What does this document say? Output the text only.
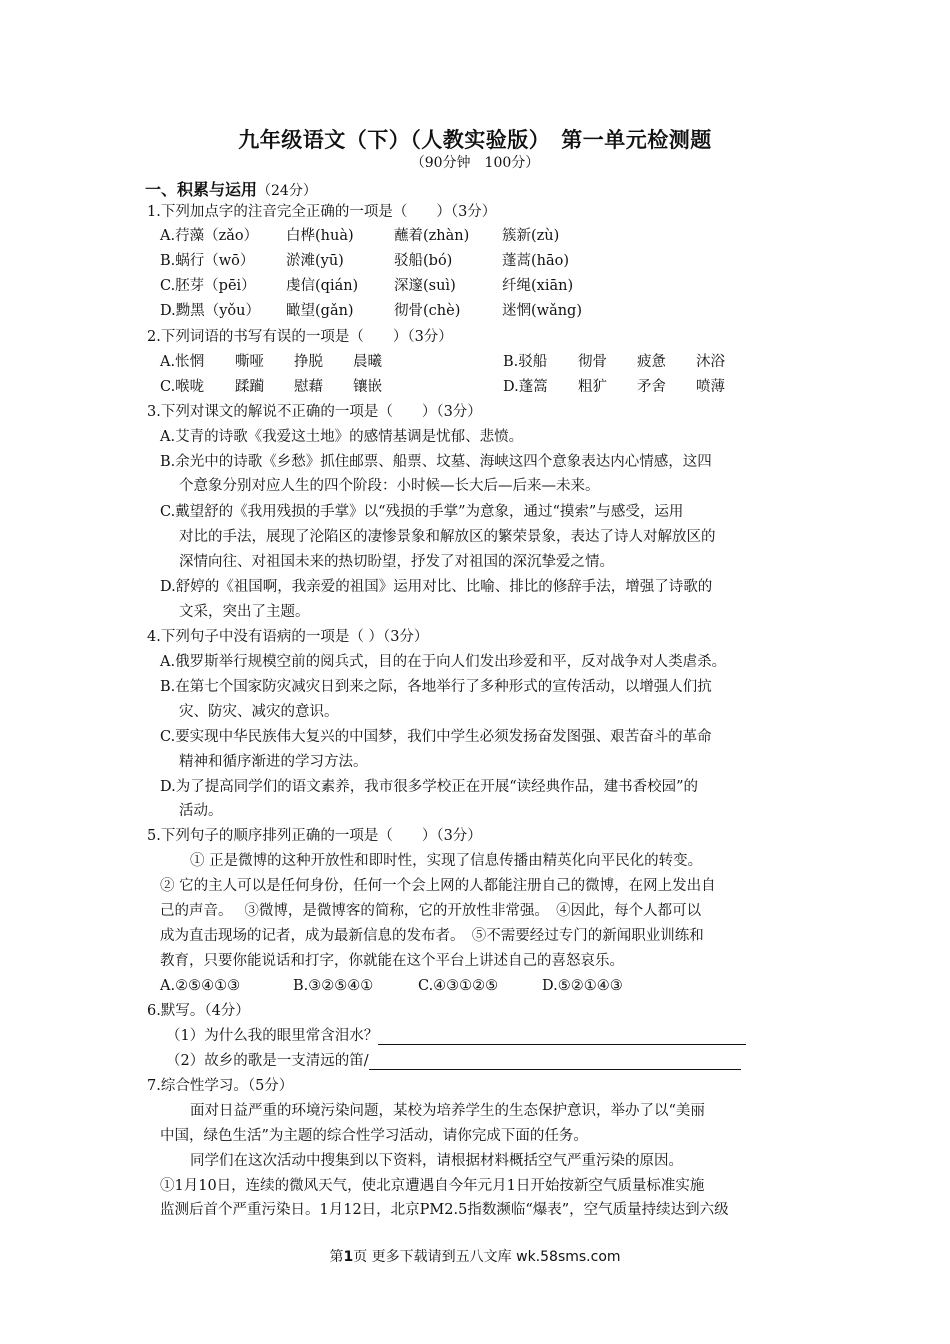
九年级语文（下）（人教实验版）　第一单元检测题
（90分钟　100分）
一、积累与运用（24分）
1.下列加点字的注音完全正确的一项是（　　）（3分）
A.荇藻（zǎo） 白桦(huà)	蘸着(zhàn) 簇新(zù)
B.蜗行（wō） 淤滩(yū)	驳船(bó)	蓬蒿(hāo)
C.胚芽（pēi） 虔信(qián) 深邃(suì)	纤绳(xiān)
D.黝黑（yǒu） 瞰望(gǎn)	彻骨(chè)	迷惘(wǎng)
2.下列词语的书写有误的一项是（　　）（3分）
A.怅惘 嘶哑 挣脱 晨曦	B.驳船 彻骨 疲惫 沐浴
C.喉咙 蹂躏 慰藉 镶嵌	D.蓬篙 粗犷 矛舍 喷薄
3.下列对课文的解说不正确的一项是（　　）（3分）
A.艾青的诗歌《我爱这土地》的感情基调是忧郁、悲愤。
B.余光中的诗歌《乡愁》抓住邮票、船票、坟墓、海峡这四个意象表达内心情感，这四
个意象分别对应人生的四个阶段：小时候—长大后—后来—未来。
C.戴望舒的《我用残损的手掌》以“残损的手掌”为意象，通过“摸索”与感受，运用
对比的手法，展现了沦陷区的凄惨景象和解放区的繁荣景象，表达了诗人对解放区的
深情向往、对祖国未来的热切盼望，抒发了对祖国的深沉挚爱之情。
D.舒婷的《祖国啊，我亲爱的祖国》运用对比、比喻、排比的修辞手法，增强了诗歌的
文采，突出了主题。
4.下列句子中没有语病的一项是（ ）（3分）
A.俄罗斯举行规模空前的阅兵式，目的在于向人们发出珍爱和平，反对战争对人类虐杀。
B.在第七个国家防灾减灾日到来之际，各地举行了多种形式的宣传活动，以增强人们抗
灾、防灾、减灾的意识。
C.要实现中华民族伟大复兴的中国梦，我们中学生必须发扬奋发图强、艰苦奋斗的革命
精神和循序渐进的学习方法。
D.为了提高同学们的语文素养，我市很多学校正在开展“读经典作品，建书香校园”的
活动。
5.下列句子的顺序排列正确的一项是（　　）（3分）
① 正是微博的这种开放性和即时性，实现了信息传播由精英化向平民化的转变。
② 它的主人可以是任何身份，任何一个会上网的人都能注册自己的微博，在网上发出自
己的声音。　 ③微博，是微博客的简称，它的开放性非常强。　④因此，每个人都可以
成为直击现场的记者，成为最新信息的发布者。　⑤不需要经过专门的新闻职业训练和
教育，只要你能说话和打字，你就能在这个平台上讲述自己的喜怒哀乐。
A.②⑤④①③	B.③②⑤④①	C.④③①②⑤	D.⑤②①④③
6.默写。（4分）
（1）为什么我的眼里常含泪水？
（2）故乡的歌是一支清远的笛/
7.综合性学习。（5分）
面对日益严重的环境污染问题，某校为培养学生的生态保护意识，举办了以“美丽
中国，绿色生活”为主题的综合性学习活动，请你完成下面的任务。
同学们在这次活动中搜集到以下资料，请根据材料概括空气严重污染的原因。
①1月10日，连续的微风天气，使北京遭遇自今年元月1日开始按新空气质量标准实施
监测后首个严重污染日。1月12日，北京PM2.5指数濒临“爆表”，空气质量持续达到六级
第1页 更多下载请到五八文库 wk.58sms.com
